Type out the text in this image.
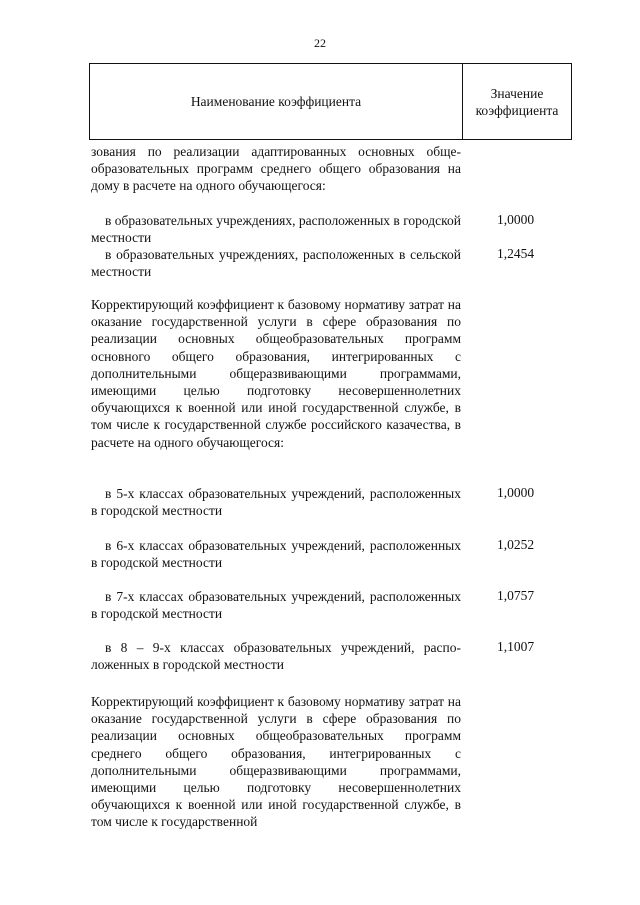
22
Наименование коэффициента
Значение
коэффициента
зования по реализации адаптированных основных общеобразовательных программ среднего общего образования на дому в расчете на одного обучающегося:
в образовательных учреждениях, расположенных в городской местности
1,0000
в образовательных учреждениях, расположенных в сельской местности
1,2454
Корректирующий коэффициент к базовому нормативу затрат на оказание государственной услуги в сфере образования по реализации основных общеобразовательных программ основного общего образования, интегрированных с дополнительными общеразвивающими программами, имеющими целью подготовку несовершеннолетних обучающихся к военной или иной государственной службе, в том числе к государственной службе российского казачества, в расчете на одного обучающегося:
в 5-х классах образовательных учреждений, расположенных в городской местности
1,0000
в 6-х классах образовательных учреждений, расположенных в городской местности
1,0252
в 7-х классах образовательных учреждений, расположенных в городской местности
1,0757
в 8 – 9-х классах образовательных учреждений, расположенных в городской местности
1,1007
Корректирующий коэффициент к базовому нормативу затрат на оказание государственной услуги в сфере образования по реализации основных общеобразовательных программ среднего общего образования, интегрированных с дополнительными общеразвивающими программами, имеющими целью подготовку несовершеннолетних обучающихся к военной или иной государственной службе, в том числе к государственной
